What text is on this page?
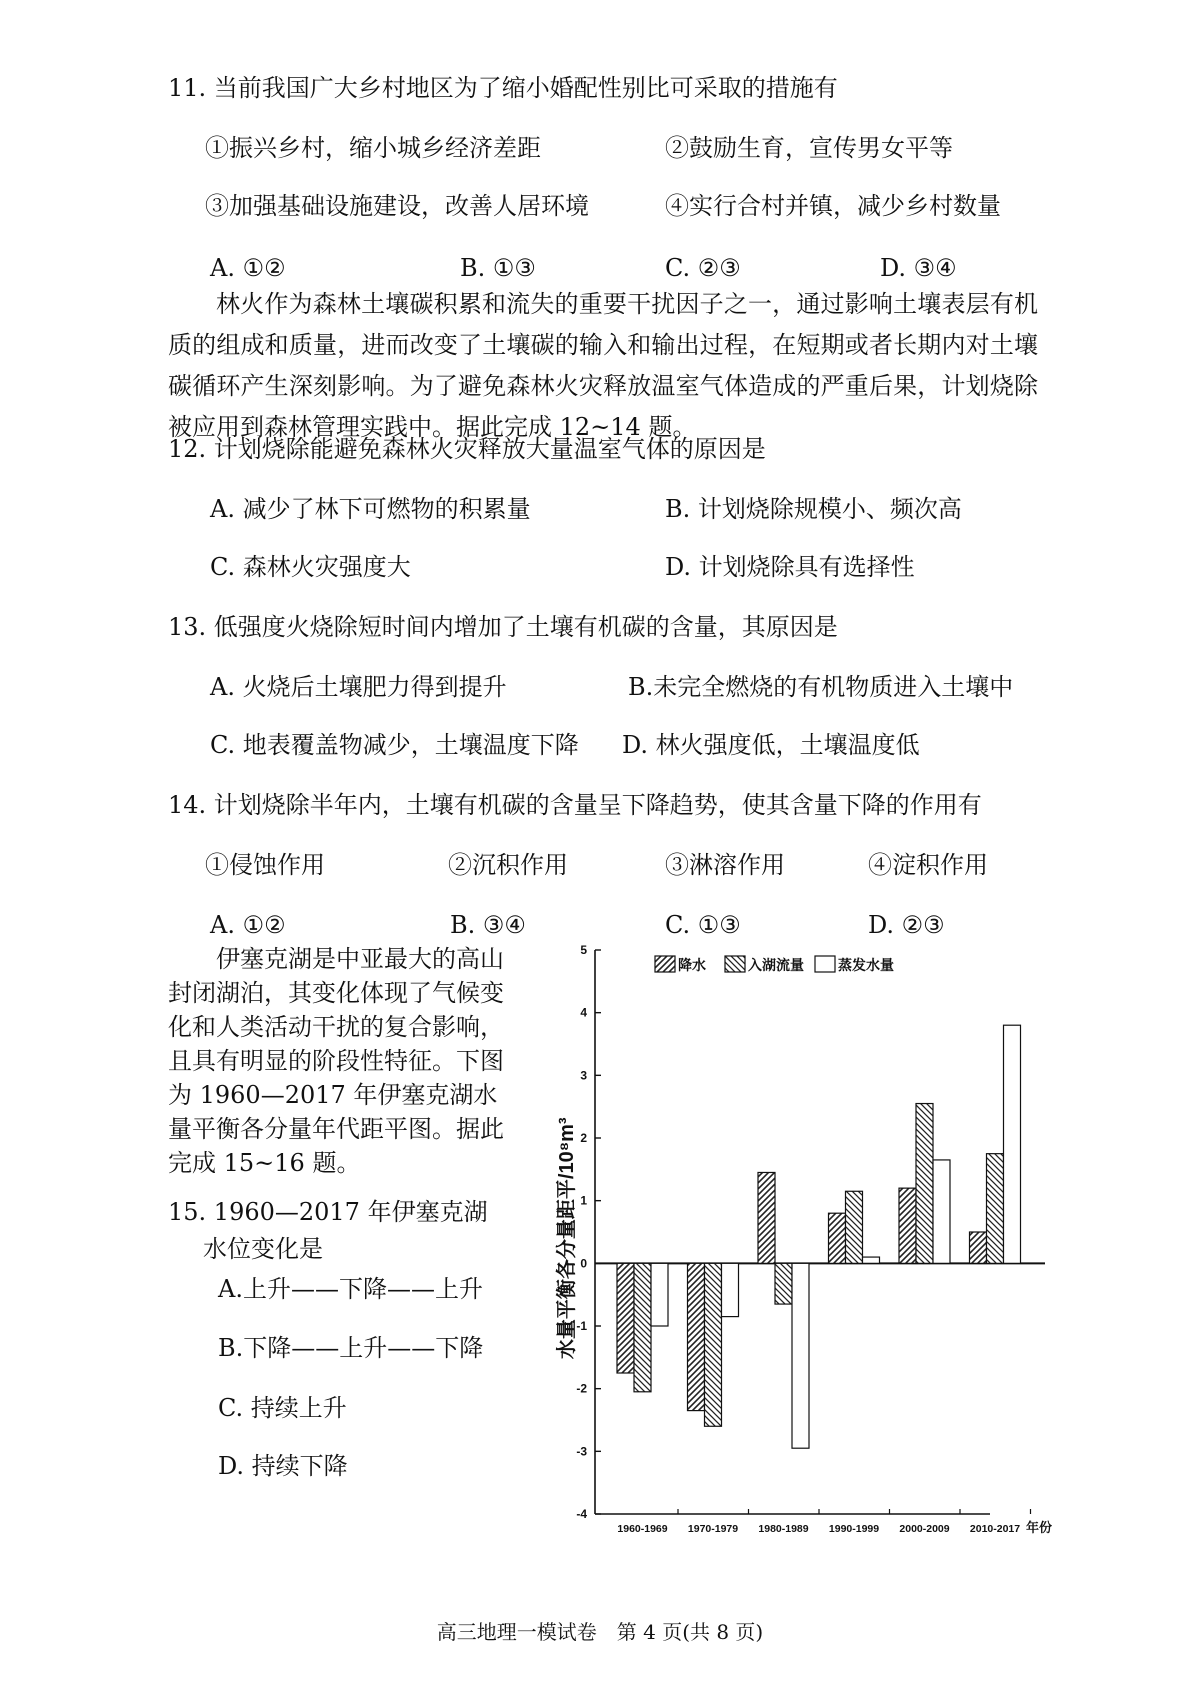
11. 当前我国广大乡村地区为了缩小婚配性别比可采取的措施有
①振兴乡村，缩小城乡经济差距	②鼓励生育，宣传男女平等
③加强基础设施建设，改善人居环境	④实行合村并镇，减少乡村数量
A. ①②	B. ①③	C. ②③	D. ③④
林火作为森林土壤碳积累和流失的重要干扰因子之一，通过影响土壤表层有机质的组成和质量，进而改变了土壤碳的输入和输出过程，在短期或者长期内对土壤碳循环产生深刻影响。为了避免森林火灾释放温室气体造成的严重后果，计划烧除被应用到森林管理实践中。据此完成 12~14 题。
12. 计划烧除能避免森林火灾释放大量温室气体的原因是
A. 减少了林下可燃物的积累量	B. 计划烧除规模小、频次高
C. 森林火灾强度大	D. 计划烧除具有选择性
13. 低强度火烧除短时间内增加了土壤有机碳的含量，其原因是
A. 火烧后土壤肥力得到提升	B.未完全燃烧的有机物质进入土壤中
C. 地表覆盖物减少，土壤温度下降 D. 林火强度低，土壤温度低
14. 计划烧除半年内，土壤有机碳的含量呈下降趋势，使其含量下降的作用有
①侵蚀作用	②沉积作用	③淋溶作用	④淀积作用
A. ①②	B. ③④	C. ①③	D. ②③
伊塞克湖是中亚最大的高山封闭湖泊，其变化体现了气候变化和人类活动干扰的复合影响，且具有明显的阶段性特征。下图为 1960—2017 年伊塞克湖水量平衡各分量年代距平图。据此完成 15~16 题。
15. 1960—2017 年伊塞克湖
水位变化是
A.上升——下降——上升
B.下降——上升——下降
C. 持续上升
D. 持续下降
5
4
3
2
1
0
-1
-2
-3
-4
水量平衡各分量距平/10⁸m³
1960-1969 1970-1979 1980-1989 1990-1999 2000-2009 2010-2017 年份
降水	入湖流量 蒸发水量
高三地理一模试卷　第 4 页(共 8 页)
